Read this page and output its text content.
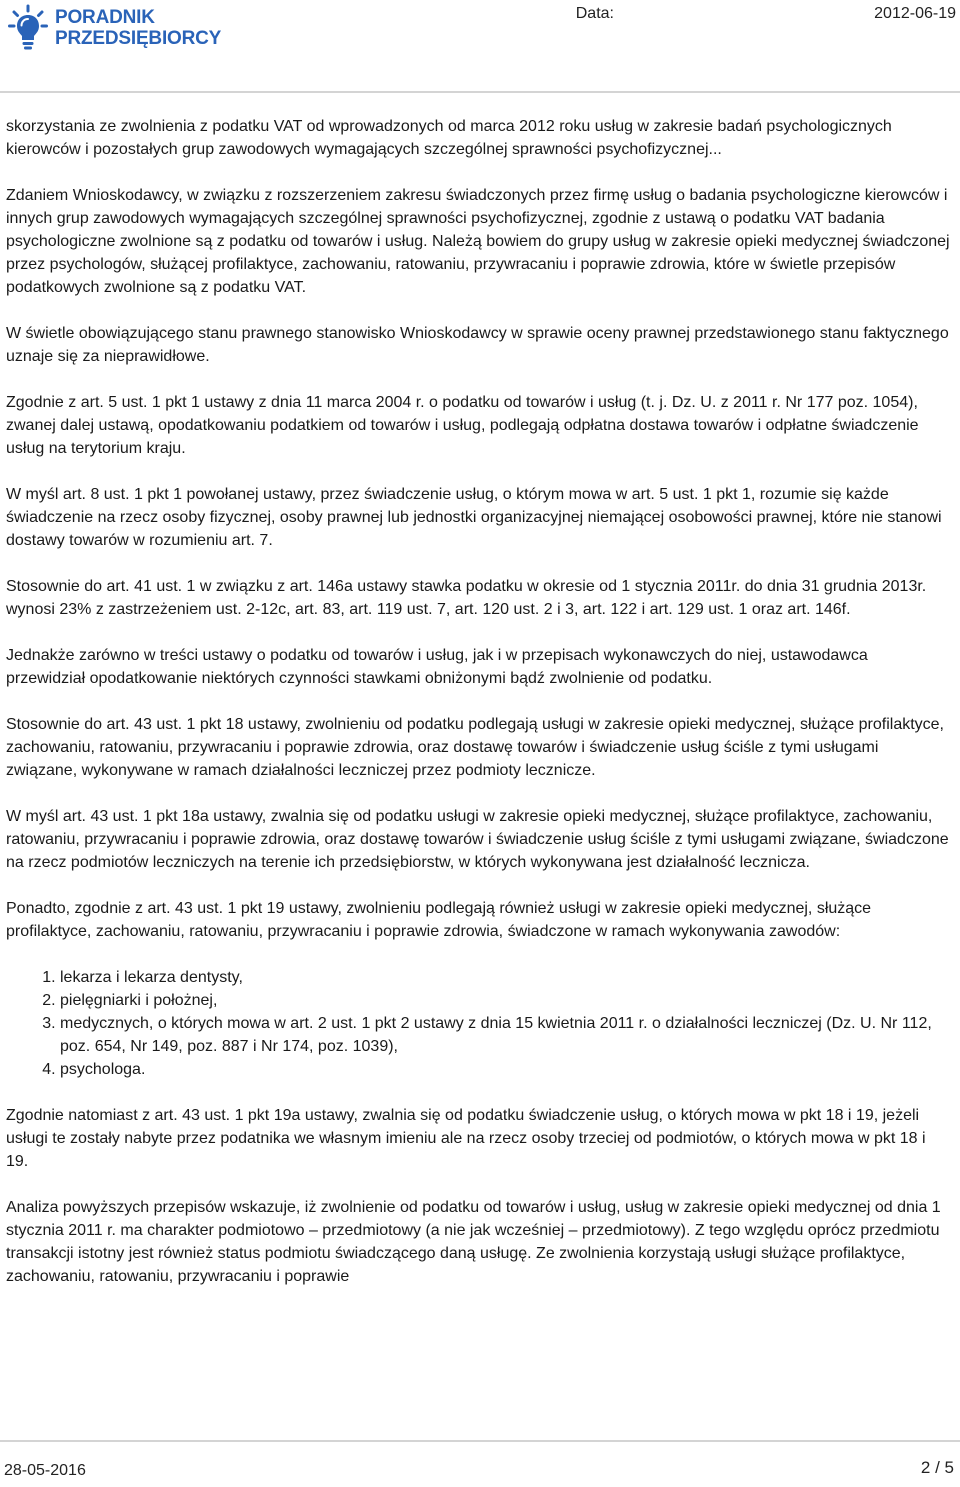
PORADNIK
PRZEDSIĘBIORCY
Data:	2012-06-19

skorzystania ze zwolnienia z podatku VAT od wprowadzonych od marca 2012 roku usług w zakresie badań psychologicznych kierowców i pozostałych grup zawodowych wymagających szczególnej sprawności psychofizycznej...

Zdaniem Wnioskodawcy, w związku z rozszerzeniem zakresu świadczonych przez firmę usług o badania psychologiczne kierowców i innych grup zawodowych wymagających szczególnej sprawności psychofizycznej, zgodnie z ustawą o podatku VAT badania psychologiczne zwolnione są z podatku od towarów i usług. Należą bowiem do grupy usług w zakresie opieki medycznej świadczonej przez psychologów, służącej profilaktyce, zachowaniu, ratowaniu, przywracaniu i poprawie zdrowia, które w świetle przepisów podatkowych zwolnione są z podatku VAT.

W świetle obowiązującego stanu prawnego stanowisko Wnioskodawcy w sprawie oceny prawnej przedstawionego stanu faktycznego uznaje się za nieprawidłowe.

Zgodnie z art. 5 ust. 1 pkt 1 ustawy z dnia 11 marca 2004 r. o podatku od towarów i usług (t. j. Dz. U. z 2011 r. Nr 177 poz. 1054), zwanej dalej ustawą, opodatkowaniu podatkiem od towarów i usług, podlegają odpłatna dostawa towarów i odpłatne świadczenie usług na terytorium kraju.

W myśl art. 8 ust. 1 pkt 1 powołanej ustawy, przez świadczenie usług, o którym mowa w art. 5 ust. 1 pkt 1, rozumie się każde świadczenie na rzecz osoby fizycznej, osoby prawnej lub jednostki organizacyjnej niemającej osobowości prawnej, które nie stanowi dostawy towarów w rozumieniu art. 7.

Stosownie do art. 41 ust. 1 w związku z art. 146a ustawy stawka podatku w okresie od 1 stycznia 2011r. do dnia 31 grudnia 2013r. wynosi 23% z zastrzeżeniem ust. 2-12c, art. 83, art. 119 ust. 7, art. 120 ust. 2 i 3, art. 122 i art. 129 ust. 1 oraz art. 146f.

Jednakże zarówno w treści ustawy o podatku od towarów i usług, jak i w przepisach wykonawczych do niej, ustawodawca przewidział opodatkowanie niektórych czynności stawkami obniżonymi bądź zwolnienie od podatku.

Stosownie do art. 43 ust. 1 pkt 18 ustawy, zwolnieniu od podatku podlegają usługi w zakresie opieki medycznej, służące profilaktyce, zachowaniu, ratowaniu, przywracaniu i poprawie zdrowia, oraz dostawę towarów i świadczenie usług ściśle z tymi usługami związane, wykonywane w ramach działalności leczniczej przez podmioty lecznicze.

W myśl art. 43 ust. 1 pkt 18a ustawy, zwalnia się od podatku usługi w zakresie opieki medycznej, służące profilaktyce, zachowaniu, ratowaniu, przywracaniu i poprawie zdrowia, oraz dostawę towarów i świadczenie usług ściśle z tymi usługami związane, świadczone na rzecz podmiotów leczniczych na terenie ich przedsiębiorstw, w których wykonywana jest działalność lecznicza.

Ponadto, zgodnie z art. 43 ust. 1 pkt 19 ustawy, zwolnieniu podlegają również usługi w zakresie opieki medycznej, służące profilaktyce, zachowaniu, ratowaniu, przywracaniu i poprawie zdrowia, świadczone w ramach wykonywania zawodów:

1. lekarza i lekarza dentysty,
2. pielęgniarki i położnej,
3. medycznych, o których mowa w art. 2 ust. 1 pkt 2 ustawy z dnia 15 kwietnia 2011 r. o działalności leczniczej (Dz. U. Nr 112, poz. 654, Nr 149, poz. 887 i Nr 174, poz. 1039),
4. psychologa.

Zgodnie natomiast z art. 43 ust. 1 pkt 19a ustawy, zwalnia się od podatku świadczenie usług, o których mowa w pkt 18 i 19, jeżeli usługi te zostały nabyte przez podatnika we własnym imieniu ale na rzecz osoby trzeciej od podmiotów, o których mowa w pkt 18 i 19.

Analiza powyższych przepisów wskazuje, iż zwolnienie od podatku od towarów i usług, usług w zakresie opieki medycznej od dnia 1 stycznia 2011 r. ma charakter podmiotowo – przedmiotowy (a nie jak wcześniej – przedmiotowy). Z tego względu oprócz przedmiotu transakcji istotny jest również status podmiotu świadczącego daną usługę. Ze zwolnienia korzystają usługi służące profilaktyce, zachowaniu, ratowaniu, przywracaniu i poprawie

28-05-2016	2 / 5
